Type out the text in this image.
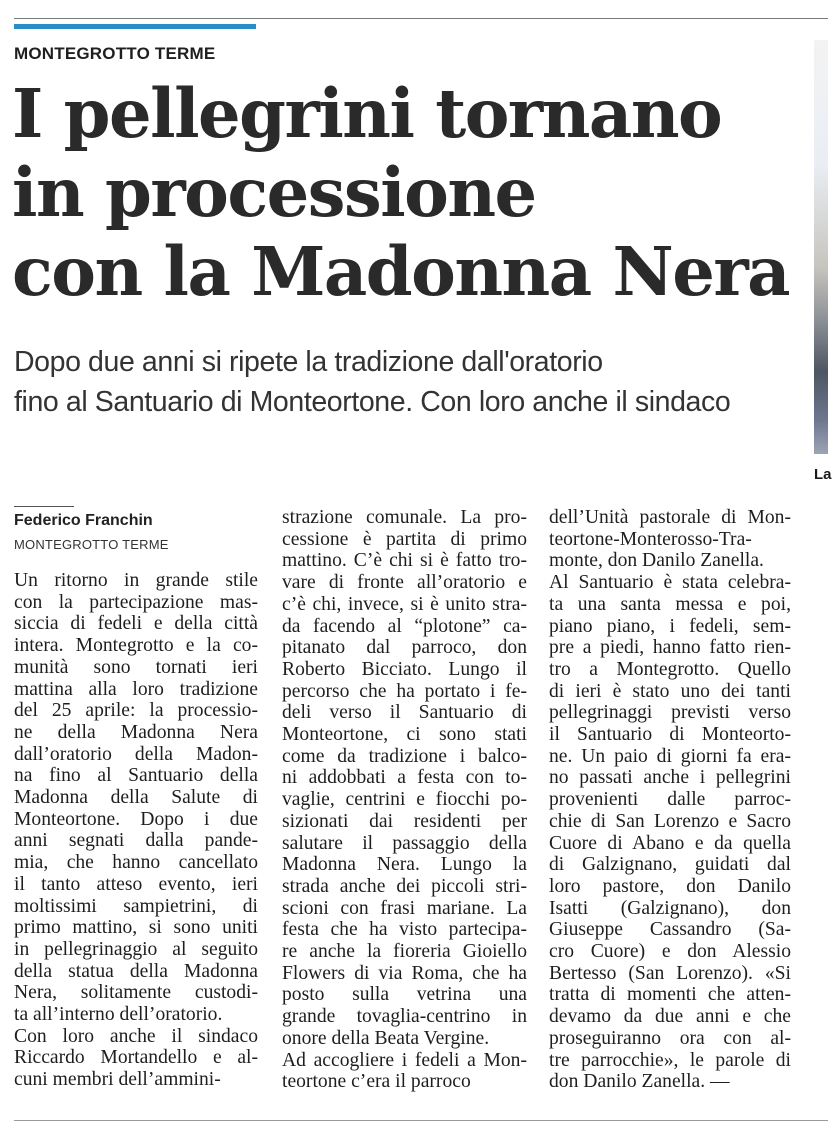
MONTEGROTTO TERME
I pellegrini tornano
in processione
con la Madonna Nera
Dopo due anni si ripete la tradizione dall'oratorio
fino al Santuario di Monteortone. Con loro anche il sindaco
La
Federico Franchin
MONTEGROTTO TERME
Un ritorno in grande stile
con la partecipazione mas-
siccia di fedeli e della città
intera. Montegrotto e la co-
munità sono tornati ieri
mattina alla loro tradizione
del 25 aprile: la processio-
ne della Madonna Nera
dall’oratorio della Madon-
na fino al Santuario della
Madonna della Salute di
Monteortone. Dopo i due
anni segnati dalla pande-
mia, che hanno cancellato
il tanto atteso evento, ieri
moltissimi sampietrini, di
primo mattino, si sono uniti
in pellegrinaggio al seguito
della statua della Madonna
Nera, solitamente custodi-
ta all’interno dell’oratorio.
Con loro anche il sindaco
Riccardo Mortandello e al-
cuni membri dell’ammini-
strazione comunale. La pro-
cessione è partita di primo
mattino. C’è chi si è fatto tro-
vare di fronte all’oratorio e
c’è chi, invece, si è unito stra-
da facendo al “plotone” ca-
pitanato dal parroco, don
Roberto Bicciato. Lungo il
percorso che ha portato i fe-
deli verso il Santuario di
Monteortone, ci sono stati
come da tradizione i balco-
ni addobbati a festa con to-
vaglie, centrini e fiocchi po-
sizionati dai residenti per
salutare il passaggio della
Madonna Nera. Lungo la
strada anche dei piccoli stri-
scioni con frasi mariane. La
festa che ha visto partecipa-
re anche la fioreria Gioiello
Flowers di via Roma, che ha
posto sulla vetrina una
grande tovaglia-centrino in
onore della Beata Vergine.
Ad accogliere i fedeli a Mon-
teortone c’era il parroco
dell’Unità pastorale di Mon-
teortone-Monterosso-Tra-
monte, don Danilo Zanella.
Al Santuario è stata celebra-
ta una santa messa e poi,
piano piano, i fedeli, sem-
pre a piedi, hanno fatto rien-
tro a Montegrotto. Quello
di ieri è stato uno dei tanti
pellegrinaggi previsti verso
il Santuario di Monteorto-
ne. Un paio di giorni fa era-
no passati anche i pellegrini
provenienti dalle parroc-
chie di San Lorenzo e Sacro
Cuore di Abano e da quella
di Galzignano, guidati dal
loro pastore, don Danilo
Isatti (Galzignano), don
Giuseppe Cassandro (Sa-
cro Cuore) e don Alessio
Bertesso (San Lorenzo). «Si
tratta di momenti che atten-
devamo da due anni e che
proseguiranno ora con al-
tre parrocchie», le parole di
don Danilo Zanella. —
